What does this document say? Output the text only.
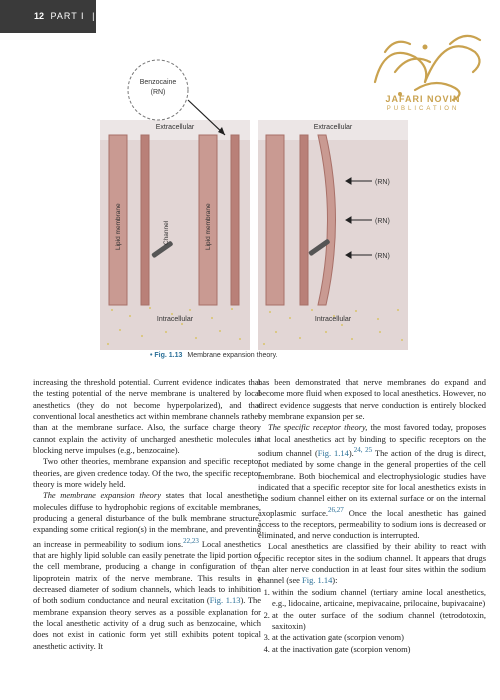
12 PART I | Drugs
JAFARI NOVIN
PUBLICATION
Extracellular
Intracellular
Lipid membrane	Channel	Lipid membrane
Benzocaine
(RN)
(RN)
(RN)
(RN)
Extracellular
Intracellular
• Fig. 1.13 Membrane expansion theory.

increasing the threshold potential. Current evidence indicates that the testing potential of the nerve membrane is unaltered by local anesthetics (they do not become hyperpolarized), and that conventional local anesthetics act within membrane channels rather than at the membrane surface. Also, the surface charge theory cannot explain the activity of uncharged anesthetic molecules in blocking nerve impulses (e.g., benzocaine).

Two other theories, membrane expansion and specific receptor theories, are given credence today. Of the two, the specific receptor theory is more widely held.

The membrane expansion theory states that local anesthetic molecules diffuse to hydrophobic regions of excitable membranes, producing a general disturbance of the bulk membrane structure, expanding some critical region(s) in the membrane, and preventing an increase in permeability to sodium ions.$^{22,23}$ Local anesthetics that are highly lipid soluble can easily penetrate the lipid portion of the cell membrane, producing a change in configuration of the lipoprotein matrix of the nerve membrane. This results in a decreased diameter of sodium channels, which leads to inhibition of both sodium conductance and neural excitation (Fig. 1.13). The membrane expansion theory serves as a possible explanation for the local anesthetic activity of a drug such as benzocaine, which does not exist in cationic form yet still exhibits potent topical anesthetic activity. It

has been demonstrated that nerve membranes do expand and become more fluid when exposed to local anesthetics. However, no direct evidence suggests that nerve conduction is entirely blocked by membrane expansion per se.

The specific receptor theory, the most favored today, proposes that local anesthetics act by binding to specific receptors on the sodium channel (Fig. 1.14).$^{24, 25}$ The action of the drug is direct, not mediated by some change in the general properties of the cell membrane. Both biochemical and electrophysiologic studies have indicated that a specific receptor site for local anesthetics exists in the sodium channel either on its external surface or on the internal axoplasmic surface.$^{26,27}$ Once the local anesthetic has gained access to the receptors, permeability to sodium ions is decreased or eliminated, and nerve conduction is interrupted.

Local anesthetics are classified by their ability to react with specific receptor sites in the sodium channel. It appears that drugs can alter nerve conduction in at least four sites within the sodium channel (see Fig. 1.14):

1. within the sodium channel (tertiary amine local anesthetics, e.g., lidocaine, articaine, mepivacaine, prilocaine, bupivacaine)
2. at the outer surface of the sodium channel (tetrodotoxin, saxitoxin)
3. at the activation gate (scorpion venom)
4. at the inactivation gate (scorpion venom)
